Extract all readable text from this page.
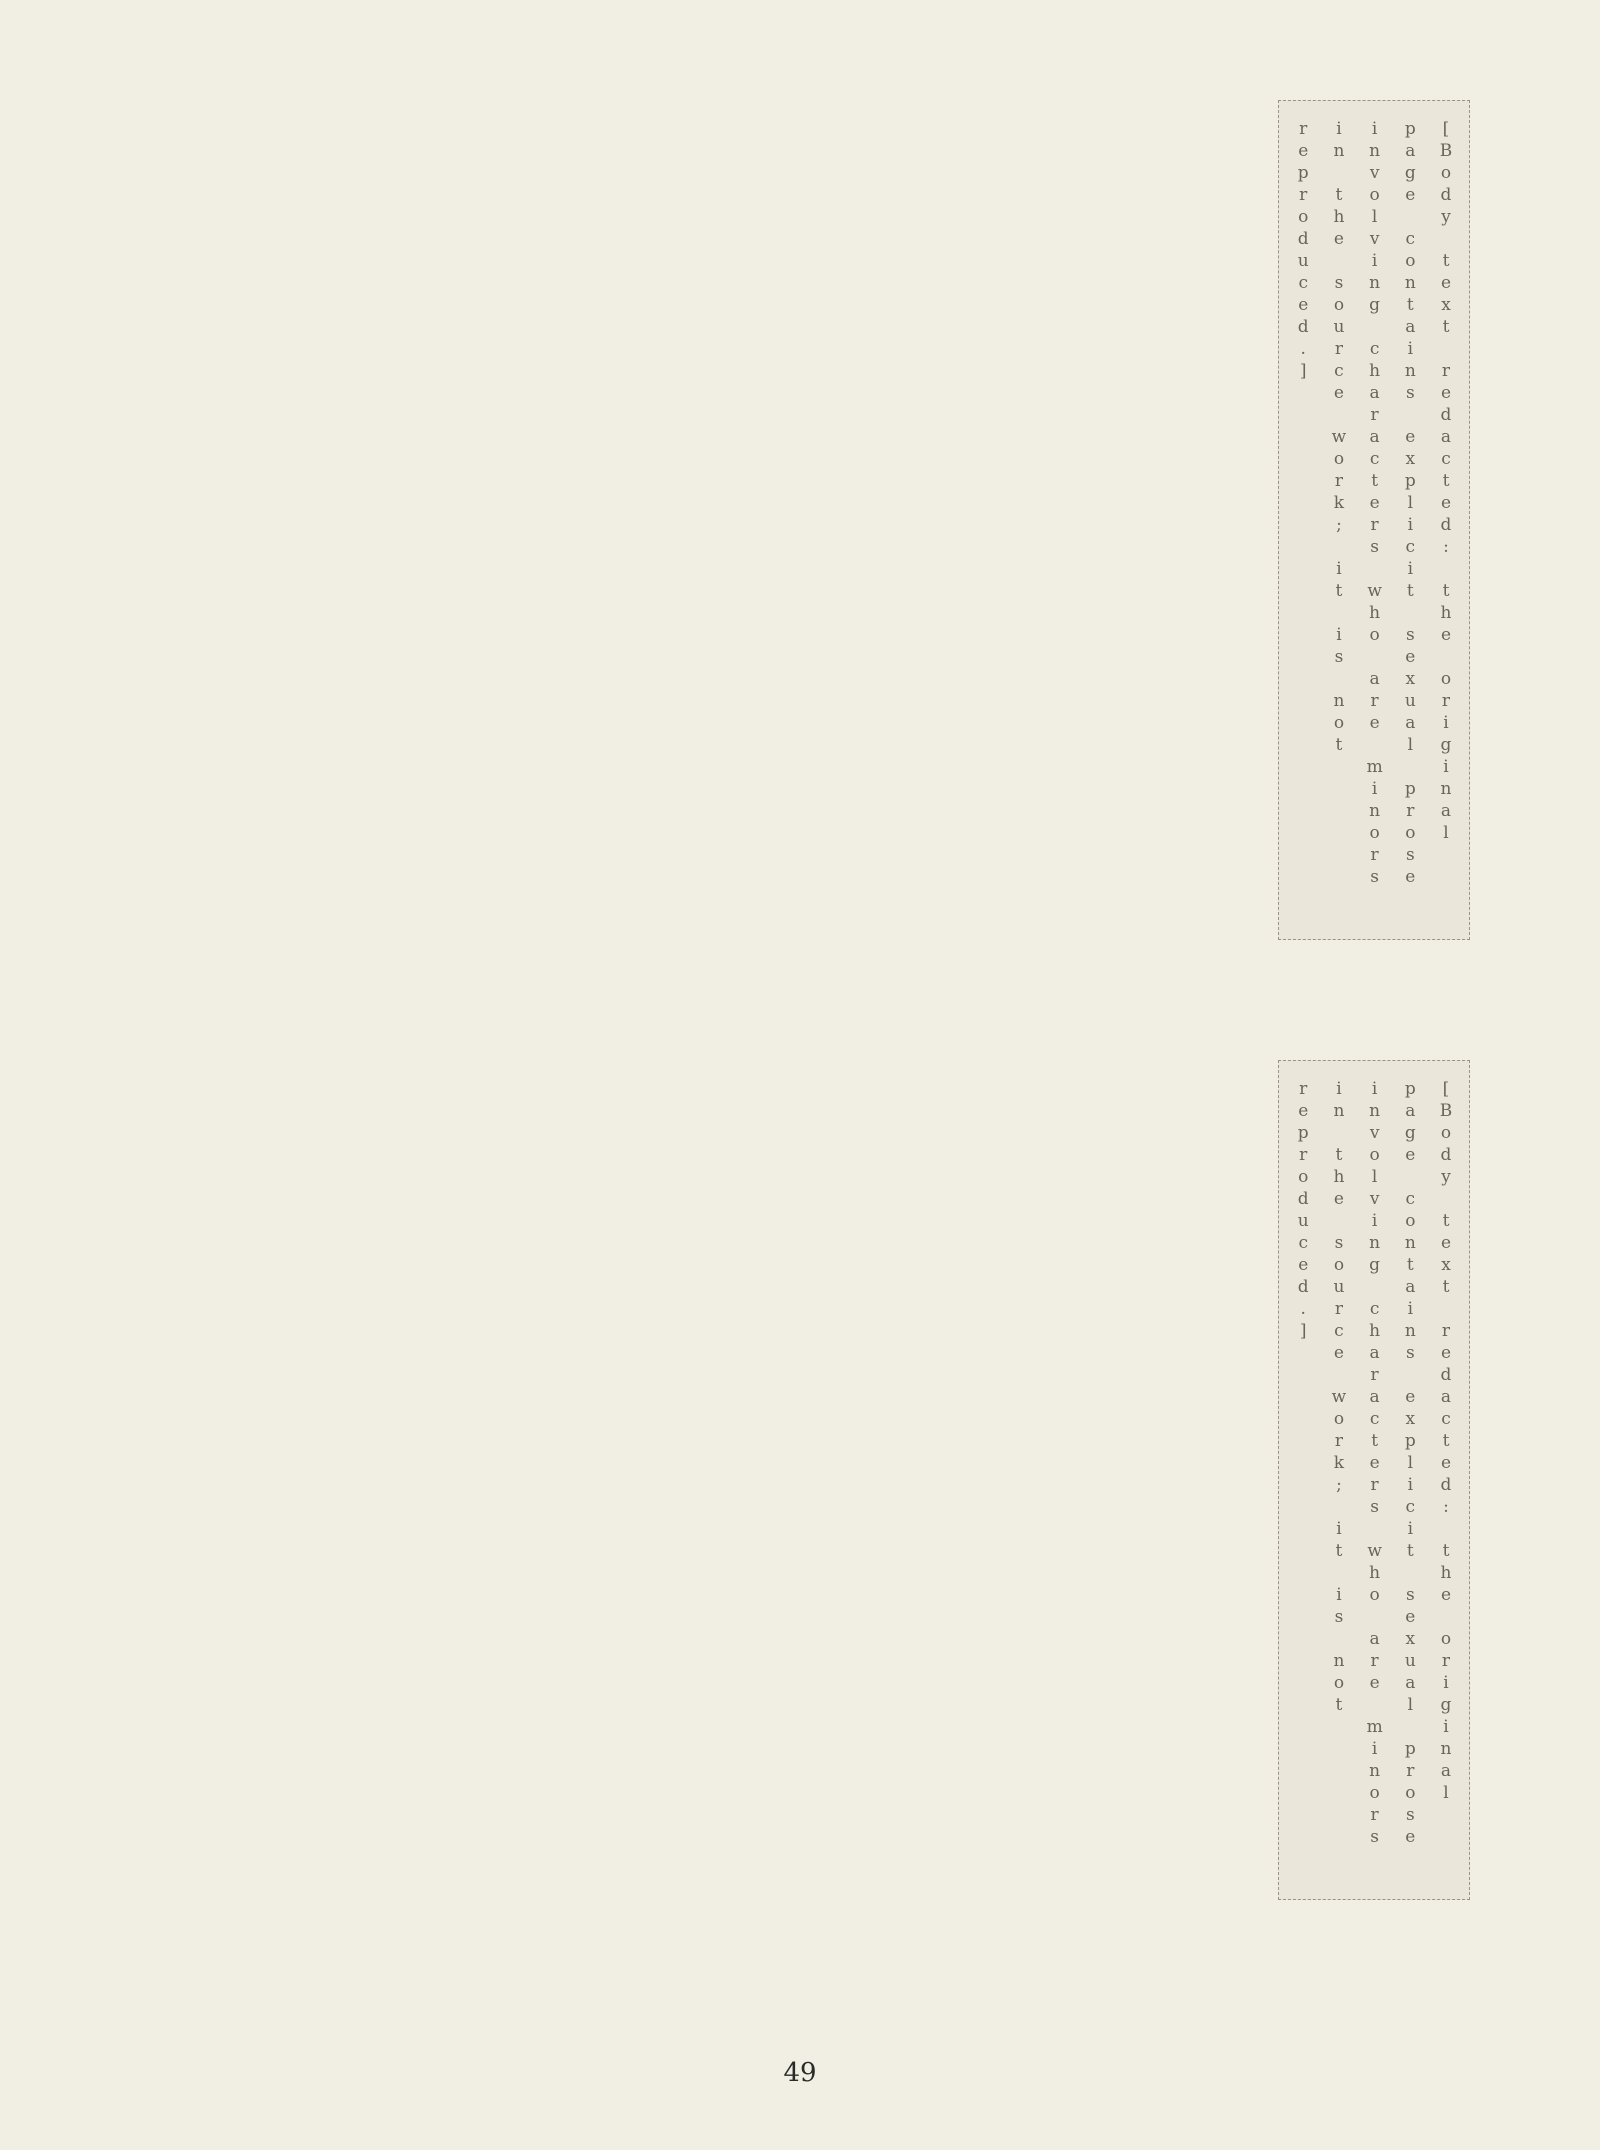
[Body text redacted: the original page contains explicit sexual prose involving characters who are minors in the source work; it is not reproduced.]
[Body text redacted: the original page contains explicit sexual prose involving characters who are minors in the source work; it is not reproduced.]
49
